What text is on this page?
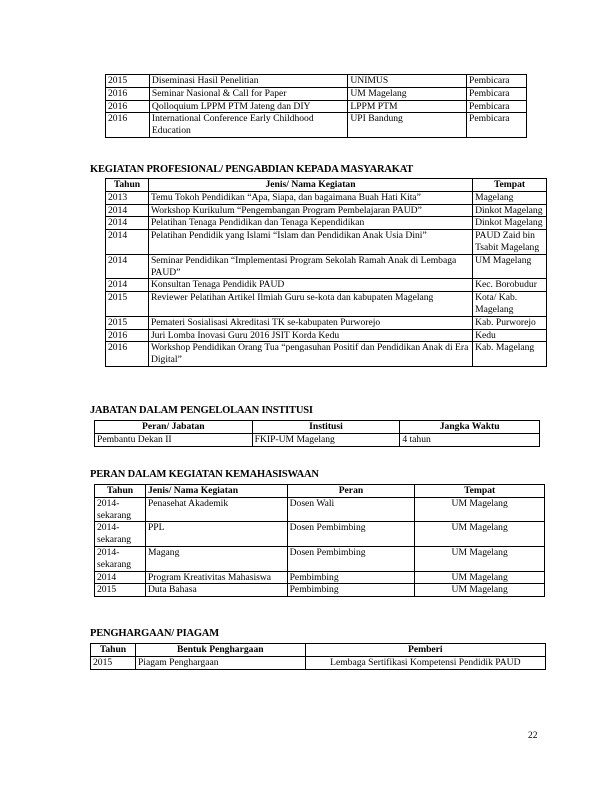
2015	Diseminasi Hasil Penelitian	UNIMUS	Pembicara
2016	Seminar Nasional & Call for Paper	UM Magelang	Pembicara
2016	Qolloquium LPPM PTM Jateng dan DIY	LPPM PTM	Pembicara
2016	International Conference Early Childhood Education	UPI Bandung	Pembicara
KEGIATAN PROFESIONAL/ PENGABDIAN KEPADA MASYARAKAT
Tahun	Jenis/ Nama Kegiatan	Tempat
2013	Temu Tokoh Pendidikan “Apa, Siapa, dan bagaimana Buah Hati Kita”	Magelang
2014	Workshop Kurikulum “Pengembangan Program Pembelajaran PAUD”	Dinkot Magelang
2014	Pelatihan Tenaga Pendidikan dan Tenaga Kependidikan	Dinkot Magelang
2014	Pelatihan Pendidik yang Islami “Islam dan Pendidikan Anak Usia Dini”	PAUD Zaid bin Tsabit Magelang
2014	Seminar Pendidikan “Implementasi Program Sekolah Ramah Anak di Lembaga PAUD”	UM Magelang
2014	Konsultan Tenaga Pendidik PAUD	Kec. Borobudur
2015	Reviewer Pelatihan Artikel Ilmiah Guru se-kota dan kabupaten Magelang	Kota/ Kab. Magelang
2015	Pemateri Sosialisasi Akreditasi TK se-kabupaten Purworejo	Kab. Purworejo
2016	Juri Lomba Inovasi Guru 2016 JSIT Korda Kedu	Kedu
2016	Workshop Pendidikan Orang Tua “pengasuhan Positif dan Pendidikan Anak di Era Digital”	Kab. Magelang
JABATAN DALAM PENGELOLAAN INSTITUSI
Peran/ Jabatan	Institusi	Jangka Waktu
Pembantu Dekan II	FKIP-UM Magelang	4 tahun
PERAN DALAM KEGIATAN KEMAHASISWAAN
Tahun	Jenis/ Nama Kegiatan	Peran	Tempat
2014-sekarang	Penasehat Akademik	Dosen Wali	UM Magelang
2014-sekarang	PPL	Dosen Pembimbing	UM Magelang
2014-sekarang	Magang	Dosen Pembimbing	UM Magelang
2014	Program Kreativitas Mahasiswa	Pembimbing	UM Magelang
2015	Duta Bahasa	Pembimbing	UM Magelang
PENGHARGAAN/ PIAGAM
Tahun	Bentuk Penghargaan	Pemberi
2015	Piagam Penghargaan	Lembaga Sertifikasi Kompetensi Pendidik PAUD
22
